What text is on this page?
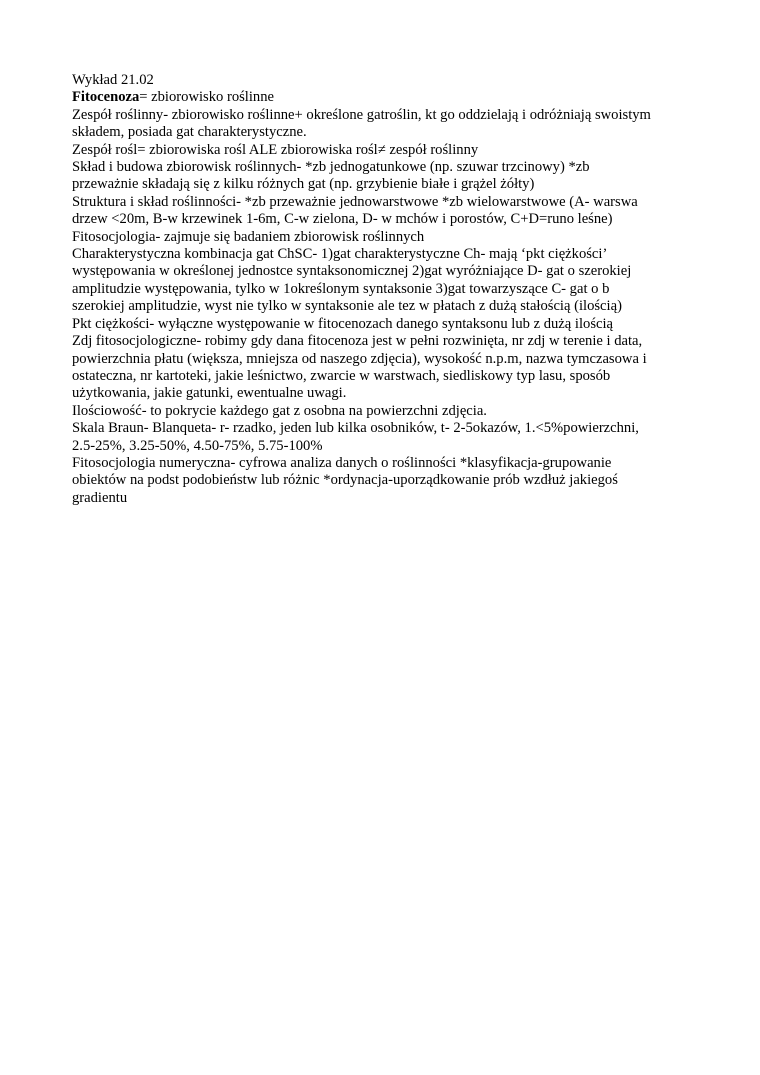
Wykład 21.02
Fitocenoza= zbiorowisko roślinne
Zespół roślinny- zbiorowisko roślinne+ określone gatroślin, kt go oddzielają i odróżniają swoistym
składem, posiada gat charakterystyczne.
Zespół rośl= zbiorowiska rośl ALE zbiorowiska rośl≠ zespół roślinny
Skład i budowa zbiorowisk roślinnych- *zb jednogatunkowe (np. szuwar trzcinowy) *zb
przeważnie składają się z kilku różnych gat (np. grzybienie białe i grążel żółty)
Struktura i skład roślinności- *zb przeważnie jednowarstwowe *zb wielowarstwowe (A- warswa
drzew <20m, B-w krzewinek 1-6m, C-w zielona, D- w mchów i porostów, C+D=runo leśne)
Fitosocjologia- zajmuje się badaniem zbiorowisk roślinnych
Charakterystyczna kombinacja gat ChSC- 1)gat charakterystyczne Ch- mają ‘pkt ciężkości’
występowania w określonej jednostce syntaksonomicznej 2)gat wyróżniające D- gat o szerokiej
amplitudzie występowania, tylko w 1określonym syntaksonie 3)gat towarzyszące C- gat o b
szerokiej amplitudzie, wyst nie tylko w syntaksonie ale tez w płatach z dużą stałością (ilością)
Pkt ciężkości- wyłączne występowanie w fitocenozach danego syntaksonu lub z dużą ilością
Zdj fitosocjologiczne- robimy gdy dana fitocenoza jest w pełni rozwinięta, nr zdj w terenie i data,
powierzchnia płatu (większa, mniejsza od naszego zdjęcia), wysokość n.p.m, nazwa tymczasowa i
ostateczna, nr kartoteki, jakie leśnictwo, zwarcie w warstwach, siedliskowy typ lasu, sposób
użytkowania, jakie gatunki, ewentualne uwagi.
Ilościowość- to pokrycie każdego gat z osobna na powierzchni zdjęcia.
Skala Braun- Blanqueta- r- rzadko, jeden lub kilka osobników, t- 2-5okazów, 1.<5%powierzchni,
2.5-25%, 3.25-50%, 4.50-75%, 5.75-100%
Fitosocjologia numeryczna- cyfrowa analiza danych o roślinności *klasyfikacja-grupowanie
obiektów na podst podobieństw lub różnic *ordynacja-uporządkowanie prób wzdłuż jakiegoś
gradientu
